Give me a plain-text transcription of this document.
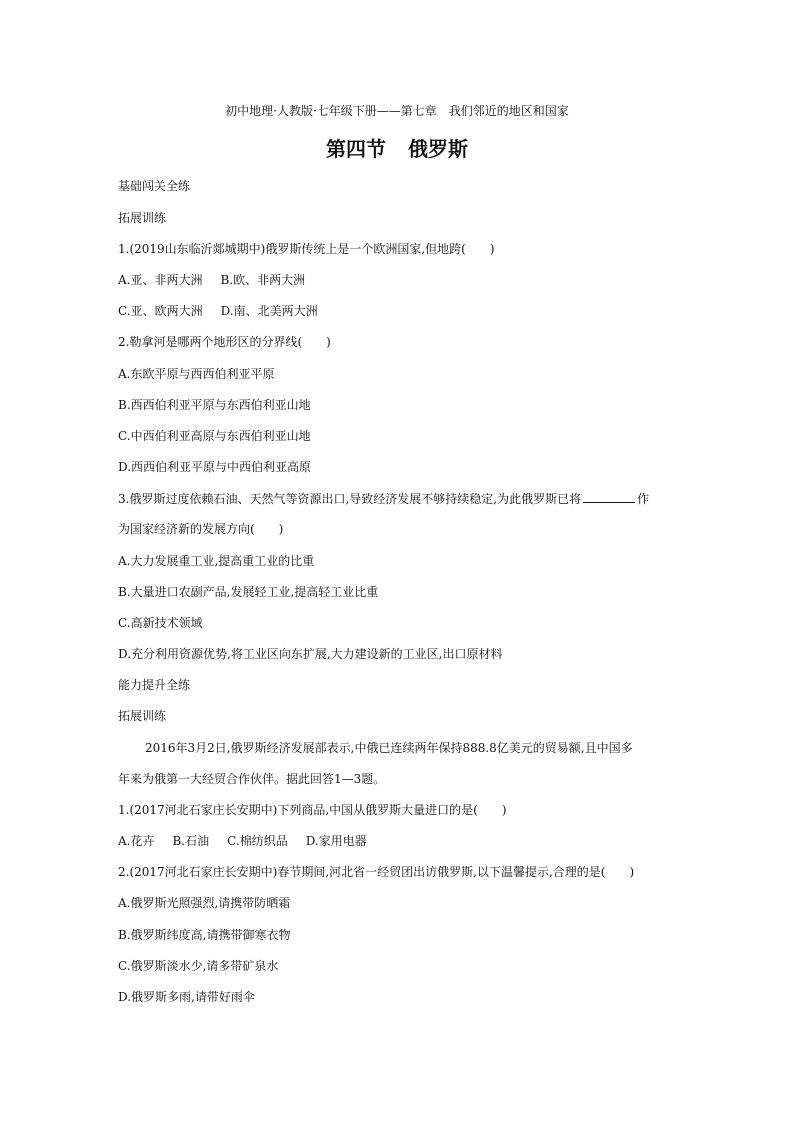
初中地理·人教版·七年级下册——第七章　我们邻近的地区和国家
第四节 俄罗斯
基础闯关全练
拓展训练
1.(2019山东临沂郯城期中)俄罗斯传统上是一个欧洲国家,但地跨(　　)
A.亚、非两大洲 B.欧、非两大洲
C.亚、欧两大洲 D.南、北美两大洲
2.勒拿河是哪两个地形区的分界线(　　)
A.东欧平原与西西伯利亚平原
B.西西伯利亚平原与东西伯利亚山地
C.中西伯利亚高原与东西伯利亚山地
D.西西伯利亚平原与中西伯利亚高原
3.俄罗斯过度依赖石油、天然气等资源出口,导致经济发展不够持续稳定,为此俄罗斯已将	作
为国家经济新的发展方向(　　)
A.大力发展重工业,提高重工业的比重
B.大量进口农副产品,发展轻工业,提高轻工业比重
C.高新技术领域
D.充分利用资源优势,将工业区向东扩展,大力建设新的工业区,出口原材料
能力提升全练
拓展训练
2016年3月2日,俄罗斯经济发展部表示,中俄已连续两年保持888.8亿美元的贸易额,且中国多
年来为俄第一大经贸合作伙伴。据此回答1—3题。
1.(2017河北石家庄长安期中)下列商品,中国从俄罗斯大量进口的是(　　)
A.花卉 B.石油 C.棉纺织品 D.家用电器
2.(2017河北石家庄长安期中)春节期间,河北省一经贸团出访俄罗斯,以下温馨提示,合理的是(　　)
A.俄罗斯光照强烈,请携带防晒霜
B.俄罗斯纬度高,请携带御寒衣物
C.俄罗斯淡水少,请多带矿泉水
D.俄罗斯多雨,请带好雨伞
